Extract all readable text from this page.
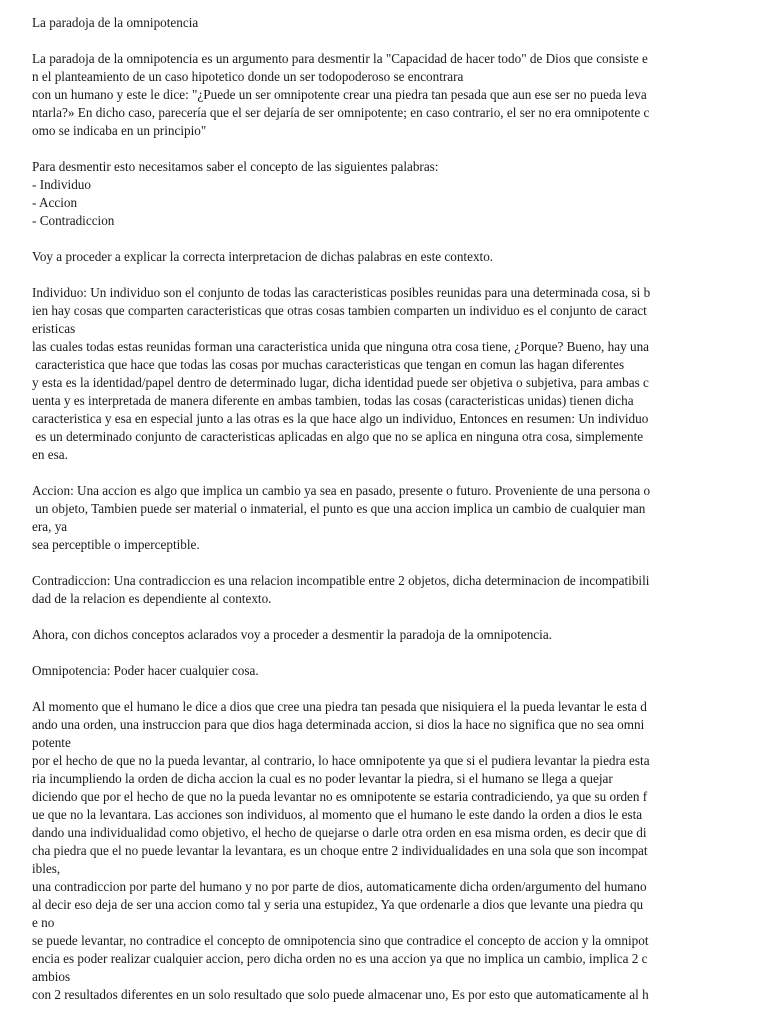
La paradoja de la omnipotencia
La paradoja de la omnipotencia es un argumento para desmentir la "Capacidad de hacer todo" de Dios que consiste e
n el planteamiento de un caso hipotetico donde un ser todopoderoso se encontrara
con un humano y este le dice: "¿Puede un ser omnipotente crear una piedra tan pesada que aun ese ser no pueda leva
ntarla?» En dicho caso, parecería que el ser dejaría de ser omnipotente; en caso contrario, el ser no era omnipotente c
omo se indicaba en un principio"
Para desmentir esto necesitamos saber el concepto de las siguientes palabras:
- Individuo
- Accion
- Contradiccion
Voy a proceder a explicar la correcta interpretacion de dichas palabras en este contexto.
Individuo: Un individuo son el conjunto de todas las caracteristicas posibles reunidas para una determinada cosa, si b
ien hay cosas que comparten caracteristicas que otras cosas tambien comparten un individuo es el conjunto de caract
eristicas
las cuales todas estas reunidas forman una caracteristica unida que ninguna otra cosa tiene, ¿Porque? Bueno, hay una
caracteristica que hace que todas las cosas por muchas caracteristicas que tengan en comun las hagan diferentes
y esta es la identidad/papel dentro de determinado lugar, dicha identidad puede ser objetiva o subjetiva, para ambas c
uenta y es interpretada de manera diferente en ambas tambien, todas las cosas (caracteristicas unidas) tienen dicha
caracteristica y esa en especial junto a las otras es la que hace algo un individuo, Entonces en resumen: Un individuo
es un determinado conjunto de caracteristicas aplicadas en algo que no se aplica en ninguna otra cosa, simplemente
en esa.
Accion: Una accion es algo que implica un cambio ya sea en pasado, presente o futuro. Proveniente de una persona o
un objeto, Tambien puede ser material o inmaterial, el punto es que una accion implica un cambio de cualquier man
era, ya
sea perceptible o imperceptible.
Contradiccion: Una contradiccion es una relacion incompatible entre 2 objetos, dicha determinacion de incompatibili
dad de la relacion es dependiente al contexto.
Ahora, con dichos conceptos aclarados voy a proceder a desmentir la paradoja de la omnipotencia.
Omnipotencia: Poder hacer cualquier cosa.
Al momento que el humano le dice a dios que cree una piedra tan pesada que nisiquiera el la pueda levantar le esta d
ando una orden, una instruccion para que dios haga determinada accion, si dios la hace no significa que no sea omni
potente
por el hecho de que no la pueda levantar, al contrario, lo hace omnipotente ya que si el pudiera levantar la piedra esta
ria incumpliendo la orden de dicha accion la cual es no poder levantar la piedra, si el humano se llega a quejar
diciendo que por el hecho de que no la pueda levantar no es omnipotente se estaria contradiciendo, ya que su orden f
ue que no la levantara. Las acciones son individuos, al momento que el humano le este dando la orden a dios le esta
dando una individualidad como objetivo, el hecho de quejarse o darle otra orden en esa misma orden, es decir que di
cha piedra que el no puede levantar la levantara, es un choque entre 2 individualidades en una sola que son incompat
ibles,
una contradiccion por parte del humano y no por parte de dios, automaticamente dicha orden/argumento del humano
al decir eso deja de ser una accion como tal y seria una estupidez, Ya que ordenarle a dios que levante una piedra qu
e no
se puede levantar, no contradice el concepto de omnipotencia sino que contradice el concepto de accion y la omnipot
encia es poder realizar cualquier accion, pero dicha orden no es una accion ya que no implica un cambio, implica 2 c
ambios
con 2 resultados diferentes en un solo resultado que solo puede almacenar uno, Es por esto que automaticamente al h
